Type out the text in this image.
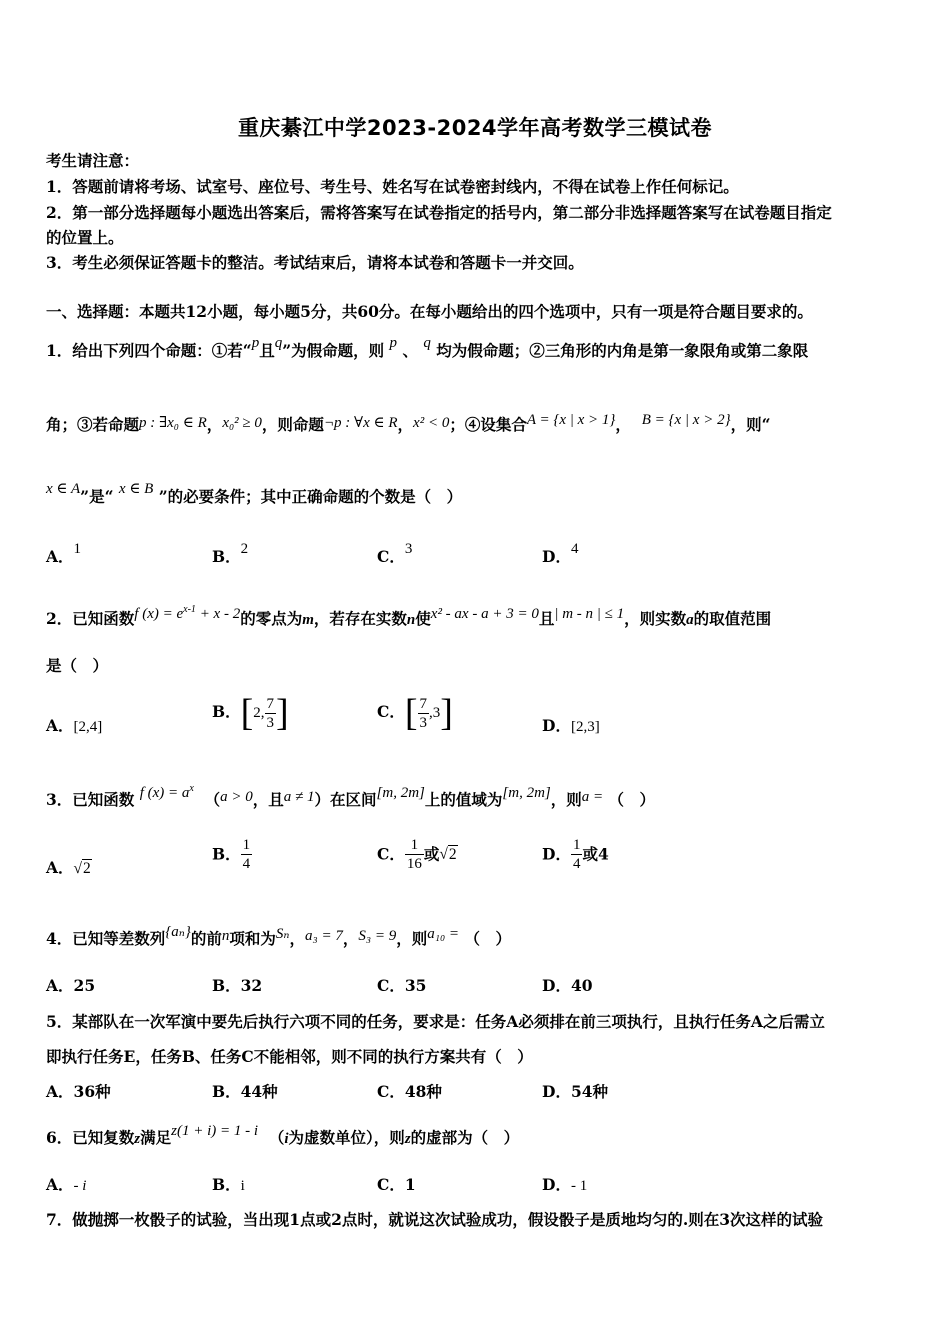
重庆綦江中学2023-2024学年高考数学三模试卷
考生请注意：
1．答题前请将考场、试室号、座位号、考生号、姓名写在试卷密封线内，不得在试卷上作任何标记。
2．第一部分选择题每小题选出答案后，需将答案写在试卷指定的括号内，第二部分非选择题答案写在试卷题目指定
的位置上。
3．考生必须保证答题卡的整洁。考试结束后，请将本试卷和答题卡一并交回。
一、选择题：本题共12小题，每小题5分，共60分。在每小题给出的四个选项中，只有一项是符合题目要求的。
1．给出下列四个命题：①若“p且q”为假命题，则 p 、 q 均为假命题；②三角形的内角是第一象限角或第二象限
角；③若命题p : ∃x₀ ∈ R，x₀² ≥ 0，则命题¬p : ∀x ∈ R，x² < 0；④设集合A = {x | x > 1}， B = {x | x > 2}，则“
x ∈ A”是“ x ∈ B ”的必要条件；其中正确命题的个数是（　）
A．1	B．2	C．3	D．4
2．已知函数f $(x) = e^{x-1} + x - 2$的零点为m，若存在实数n使x² - ax - a + 3 = 0且| m - n | ≤ 1，则实数a的取值范围
是（　）
A．[2,4]
B．[2, $\frac{7}{3}$ ]	C．[ $\frac{7}{3} ,3$]	D．[2,3]
3．已知函数 f $(x) = a^x$  （a > 0，且a ≠ 1）在区间[m, 2m]上的值域为[m, 2m]，则a = （　）
A．√2
B． $\frac{1}{4}$	C． $\frac{1}{16}$ 或√2	D． $\frac{1}{4}$ 或4
4．已知等差数列{aₙ}的前n项和为Sₙ，a₃ = 7，S₃ = 9，则a₁₀ = （　）
A．25	B．32	C．35	D．40
5．某部队在一次军演中要先后执行六项不同的任务，要求是：任务A必须排在前三项执行，且执行任务A之后需立
即执行任务E，任务B、任务C不能相邻，则不同的执行方案共有（　）
A．36种	B．44种	C．48种	D．54种
6．已知复数z满足z(1 + i) = 1 - i （i为虚数单位），则z的虚部为（　）
A．- i	B．i	C．1	D．- 1
7．做抛掷一枚骰子的试验，当出现1点或2点时，就说这次试验成功，假设骰子是质地均匀的.则在3次这样的试验
